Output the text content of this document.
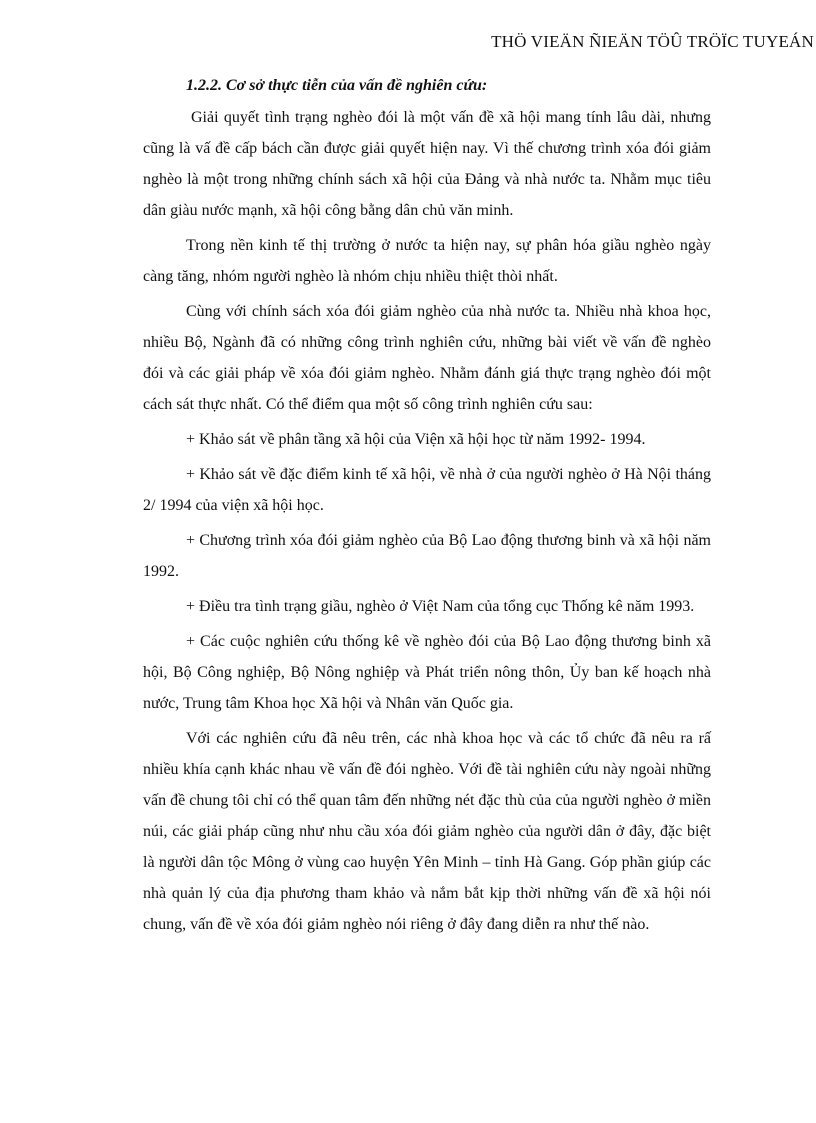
THÖ VIEÄN ÑIEÄN TÖÛ TRÖÏC TUYEÁN
1.2.2. Cơ sở thực tiễn của vấn đề nghiên cứu:

Giải quyết tình trạng nghèo đói là một vấn đề xã hội mang tính lâu dài, nhưng cũng là vấ đề cấp bách cần được giải quyết hiện nay. Vì thế chương trình xóa đói giảm nghèo là một trong những chính sách xã hội của Đảng và nhà nước ta. Nhằm mục tiêu dân giàu nước mạnh, xã hội công bằng dân chủ văn minh.

Trong nền kinh tế thị trường ở nước ta hiện nay, sự phân hóa giầu nghèo ngày càng tăng, nhóm người nghèo là nhóm chịu nhiều thiệt thòi nhất.

Cùng với chính sách xóa đói giảm nghèo của nhà nước ta. Nhiều nhà khoa học, nhiều Bộ, Ngành đã có những công trình nghiên cứu, những bài viết về vấn đề nghèo đói và các giải pháp về xóa đói giảm nghèo. Nhằm đánh giá thực trạng nghèo đói một cách sát thực nhất. Có thể điểm qua một số công trình nghiên cứu sau:

+ Khảo sát về phân tầng xã hội của Viện xã hội học từ năm 1992- 1994.

+ Khảo sát về đặc điểm kinh tế xã hội, về nhà ở của người nghèo ở Hà Nội tháng 2/ 1994 của viện xã hội học.

+ Chương trình xóa đói giảm nghèo của Bộ Lao động thương binh và xã hội năm 1992.

+ Điều tra tình trạng giầu, nghèo ở Việt Nam của tổng cục Thống kê năm 1993.

+ Các cuộc nghiên cứu thống kê về nghèo đói của Bộ Lao động thương binh xã hội, Bộ Công nghiệp, Bộ Nông nghiệp và Phát triển nông thôn, Ủy ban kế hoạch nhà nước, Trung tâm Khoa học Xã hội và Nhân văn Quốc gia.

Với các nghiên cứu đã nêu trên, các nhà khoa học và các tổ chức đã nêu ra rấ nhiều khía cạnh khác nhau về vấn đề đói nghèo. Với đề tài nghiên cứu này ngoài những vấn đề chung tôi chỉ có thể quan tâm đến những nét đặc thù của của người nghèo ở miền núi, các giải pháp cũng như nhu cầu xóa đói giảm nghèo của người dân ở đây, đặc biệt là người dân tộc Mông ở vùng cao huyện Yên Minh – tỉnh Hà Gang. Góp phần giúp các nhà quản lý của địa phương tham khảo và nắm bắt kịp thời những vấn đề xã hội nói chung, vấn đề về xóa đói giảm nghèo nói riêng ở đây đang diễn ra như thế nào.
